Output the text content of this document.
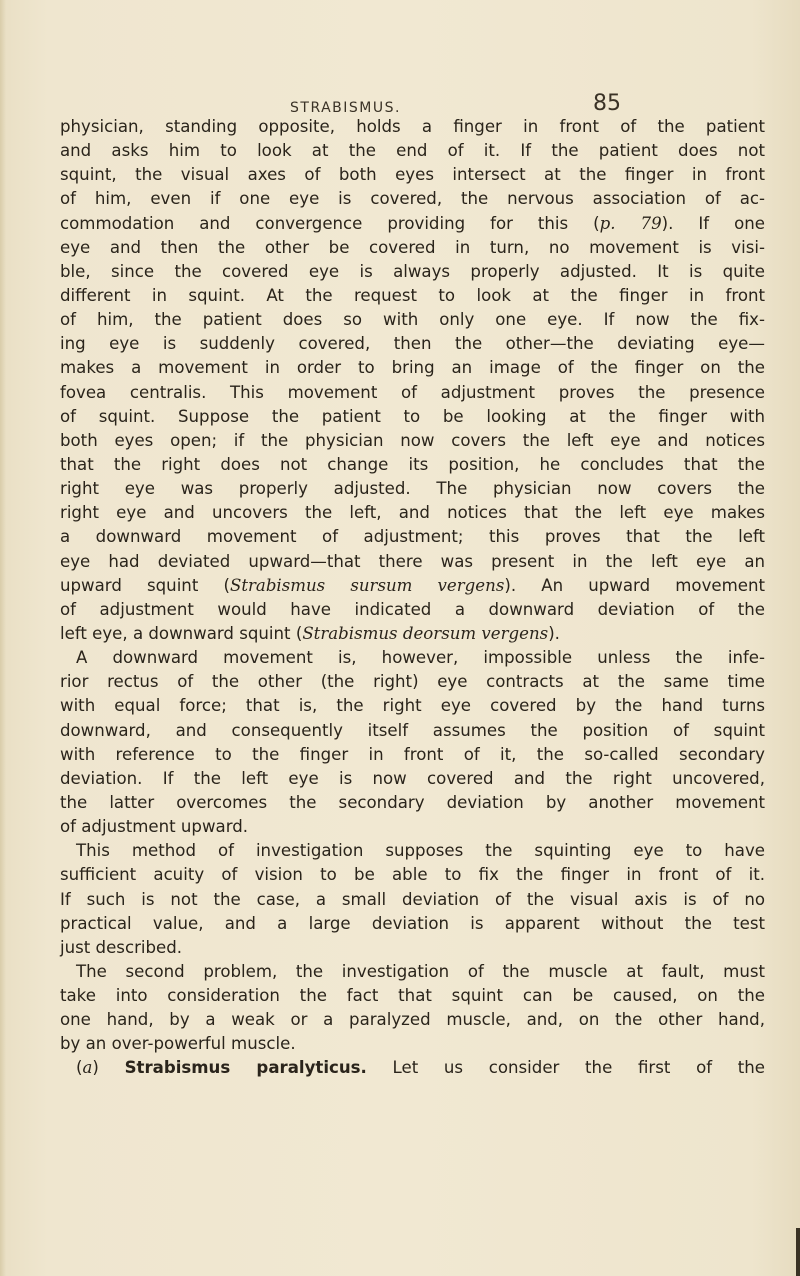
STRABISMUS.	85
physician, standing opposite, holds a finger in front of the patient
and asks him to look at the end of it. If the patient does not
squint, the visual axes of both eyes intersect at the finger in front
of him, even if one eye is covered, the nervous association of ac-
commodation and convergence providing for this (p. 79). If one
eye and then the other be covered in turn, no movement is visi-
ble, since the covered eye is always properly adjusted. It is quite
different in squint. At the request to look at the finger in front
of him, the patient does so with only one eye. If now the fix-
ing eye is suddenly covered, then the other—the deviating eye—
makes a movement in order to bring an image of the finger on the
fovea centralis. This movement of adjustment proves the presence
of squint. Suppose the patient to be looking at the finger with
both eyes open; if the physician now covers the left eye and notices
that the right does not change its position, he concludes that the
right eye was properly adjusted. The physician now covers the
right eye and uncovers the left, and notices that the left eye makes
a downward movement of adjustment; this proves that the left
eye had deviated upward—that there was present in the left eye an
upward squint (Strabismus sursum vergens). An upward movement
of adjustment would have indicated a downward deviation of the
left eye, a downward squint (Strabismus deorsum vergens).
A downward movement is, however, impossible unless the infe-
rior rectus of the other (the right) eye contracts at the same time
with equal force; that is, the right eye covered by the hand turns
downward, and consequently itself assumes the position of squint
with reference to the finger in front of it, the so-called secondary
deviation. If the left eye is now covered and the right uncovered,
the latter overcomes the secondary deviation by another movement
of adjustment upward.
This method of investigation supposes the squinting eye to have
sufficient acuity of vision to be able to fix the finger in front of it.
If such is not the case, a small deviation of the visual axis is of no
practical value, and a large deviation is apparent without the test
just described.
The second problem, the investigation of the muscle at fault, must
take into consideration the fact that squint can be caused, on the
one hand, by a weak or a paralyzed muscle, and, on the other hand,
by an over-powerful muscle.
(a) Strabismus paralyticus. Let us consider the first of the
